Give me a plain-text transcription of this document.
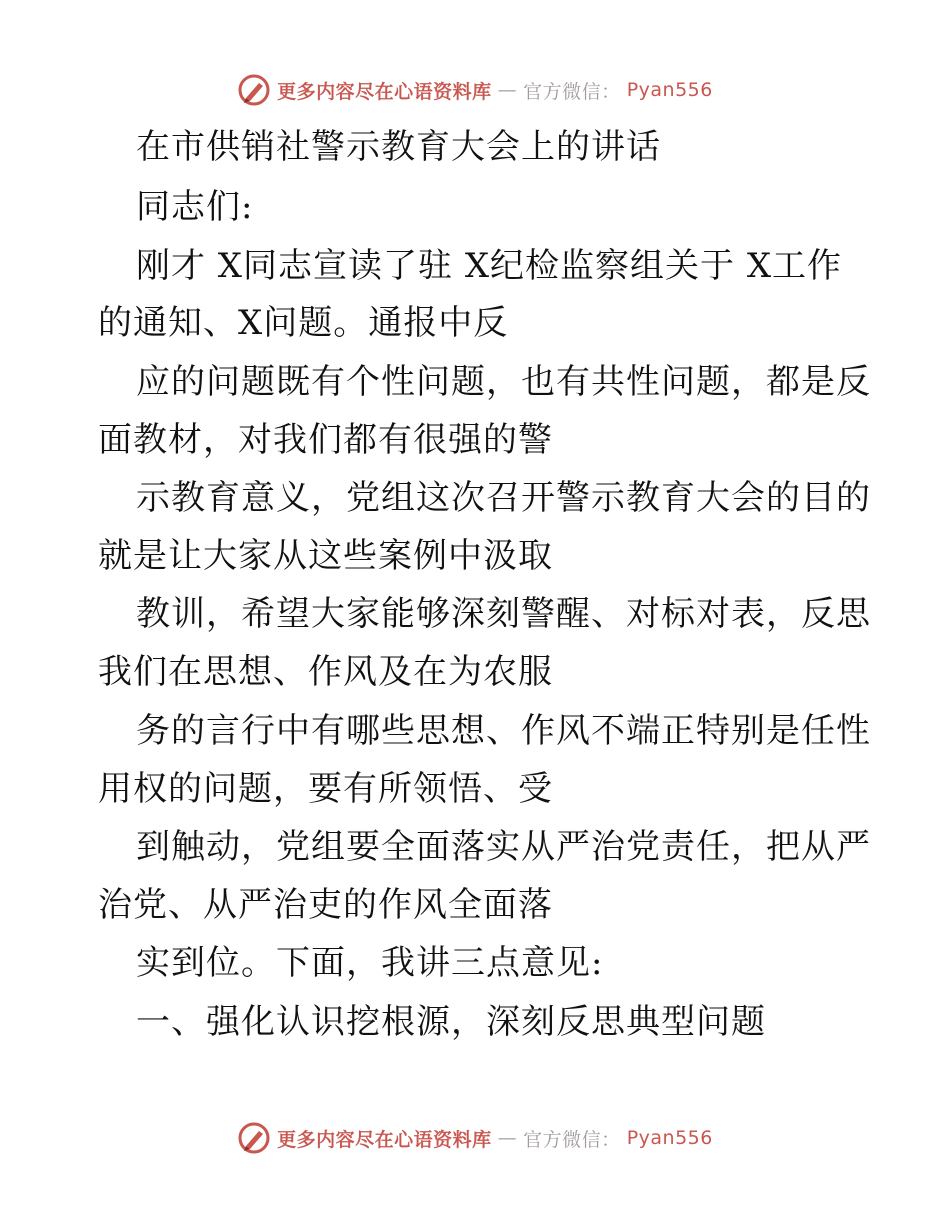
更多内容尽在心语资料库 — 官方微信： Pyan556
在市供销社警示教育大会上的讲话
同志们:
刚才 X同志宣读了驻 X纪检监察组关于 X工作
的通知、X问题。通报中反
应的问题既有个性问题，也有共性问题，都是反
面教材，对我们都有很强的警
示教育意义，党组这次召开警示教育大会的目的
就是让大家从这些案例中汲取
教训，希望大家能够深刻警醒、对标对表，反思
我们在思想、作风及在为农服
务的言行中有哪些思想、作风不端正特别是任性
用权的问题，要有所领悟、受
到触动，党组要全面落实从严治党责任，把从严
治党、从严治吏的作风全面落
实到位。下面，我讲三点意见:
一、强化认识挖根源，深刻反思典型问题
更多内容尽在心语资料库 — 官方微信： Pyan556
